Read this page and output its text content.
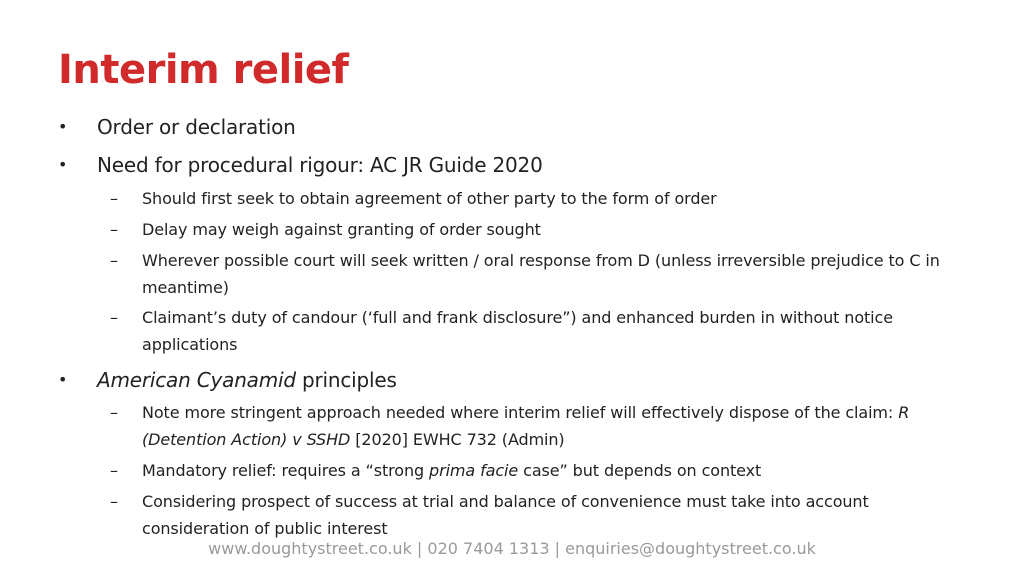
Interim relief
• Order or declaration
• Need for procedural rigour: AC JR Guide 2020
– Should first seek to obtain agreement of other party to the form of order
– Delay may weigh against granting of order sought
– Wherever possible court will seek written / oral response from D (unless irreversible prejudice to C in meantime)
– Claimant’s duty of candour (‘full and frank disclosure”) and enhanced burden in without notice applications
• American Cyanamid principles
– Note more stringent approach needed where interim relief will effectively dispose of the claim: R (Detention Action) v SSHD [2020] EWHC 732 (Admin)
– Mandatory relief: requires a “strong prima facie case” but depends on context
– Considering prospect of success at trial and balance of convenience must take into account consideration of public interest
www.doughtystreet.co.uk | 020 7404 1313 | enquiries@doughtystreet.co.uk
